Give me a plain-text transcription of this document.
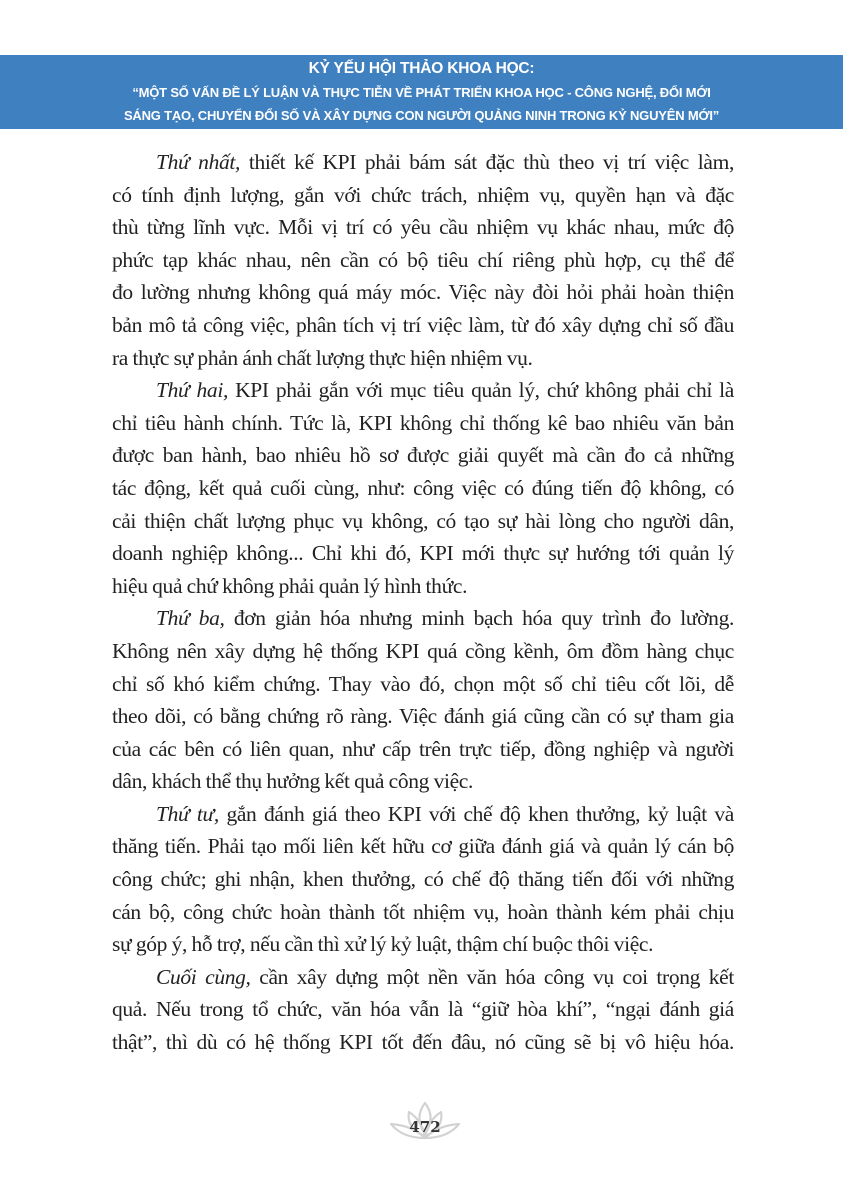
KỶ YẾU HỘI THẢO KHOA HỌC:
“MỘT SỐ VẤN ĐỀ LÝ LUẬN VÀ THỰC TIỄN VỀ PHÁT TRIỂN KHOA HỌC - CÔNG NGHỆ, ĐỔI MỚI
SÁNG TẠO, CHUYỂN ĐỔI SỐ VÀ XÂY DỰNG CON NGƯỜI QUẢNG NINH TRONG KỶ NGUYÊN MỚI”
Thứ nhất, thiết kế KPI phải bám sát đặc thù theo vị trí việc làm,
có tính định lượng, gắn với chức trách, nhiệm vụ, quyền hạn và đặc
thù từng lĩnh vực. Mỗi vị trí có yêu cầu nhiệm vụ khác nhau, mức độ
phức tạp khác nhau, nên cần có bộ tiêu chí riêng phù hợp, cụ thể để
đo lường nhưng không quá máy móc. Việc này đòi hỏi phải hoàn thiện
bản mô tả công việc, phân tích vị trí việc làm, từ đó xây dựng chỉ số đầu
ra thực sự phản ánh chất lượng thực hiện nhiệm vụ.
Thứ hai, KPI phải gắn với mục tiêu quản lý, chứ không phải chỉ là
chỉ tiêu hành chính. Tức là, KPI không chỉ thống kê bao nhiêu văn bản
được ban hành, bao nhiêu hồ sơ được giải quyết mà cần đo cả những
tác động, kết quả cuối cùng, như: công việc có đúng tiến độ không, có
cải thiện chất lượng phục vụ không, có tạo sự hài lòng cho người dân,
doanh nghiệp không... Chỉ khi đó, KPI mới thực sự hướng tới quản lý
hiệu quả chứ không phải quản lý hình thức.
Thứ ba, đơn giản hóa nhưng minh bạch hóa quy trình đo lường.
Không nên xây dựng hệ thống KPI quá cồng kềnh, ôm đồm hàng chục
chỉ số khó kiểm chứng. Thay vào đó, chọn một số chỉ tiêu cốt lõi, dễ
theo dõi, có bằng chứng rõ ràng. Việc đánh giá cũng cần có sự tham gia
của các bên có liên quan, như cấp trên trực tiếp, đồng nghiệp và người
dân, khách thể thụ hưởng kết quả công việc.
Thứ tư, gắn đánh giá theo KPI với chế độ khen thưởng, kỷ luật và
thăng tiến. Phải tạo mối liên kết hữu cơ giữa đánh giá và quản lý cán bộ
công chức; ghi nhận, khen thưởng, có chế độ thăng tiến đối với những
cán bộ, công chức hoàn thành tốt nhiệm vụ, hoàn thành kém phải chịu
sự góp ý, hỗ trợ, nếu cần thì xử lý kỷ luật, thậm chí buộc thôi việc.
Cuối cùng, cần xây dựng một nền văn hóa công vụ coi trọng kết
quả. Nếu trong tổ chức, văn hóa vẫn là “giữ hòa khí”, “ngại đánh giá
thật”, thì dù có hệ thống KPI tốt đến đâu, nó cũng sẽ bị vô hiệu hóa.
472
